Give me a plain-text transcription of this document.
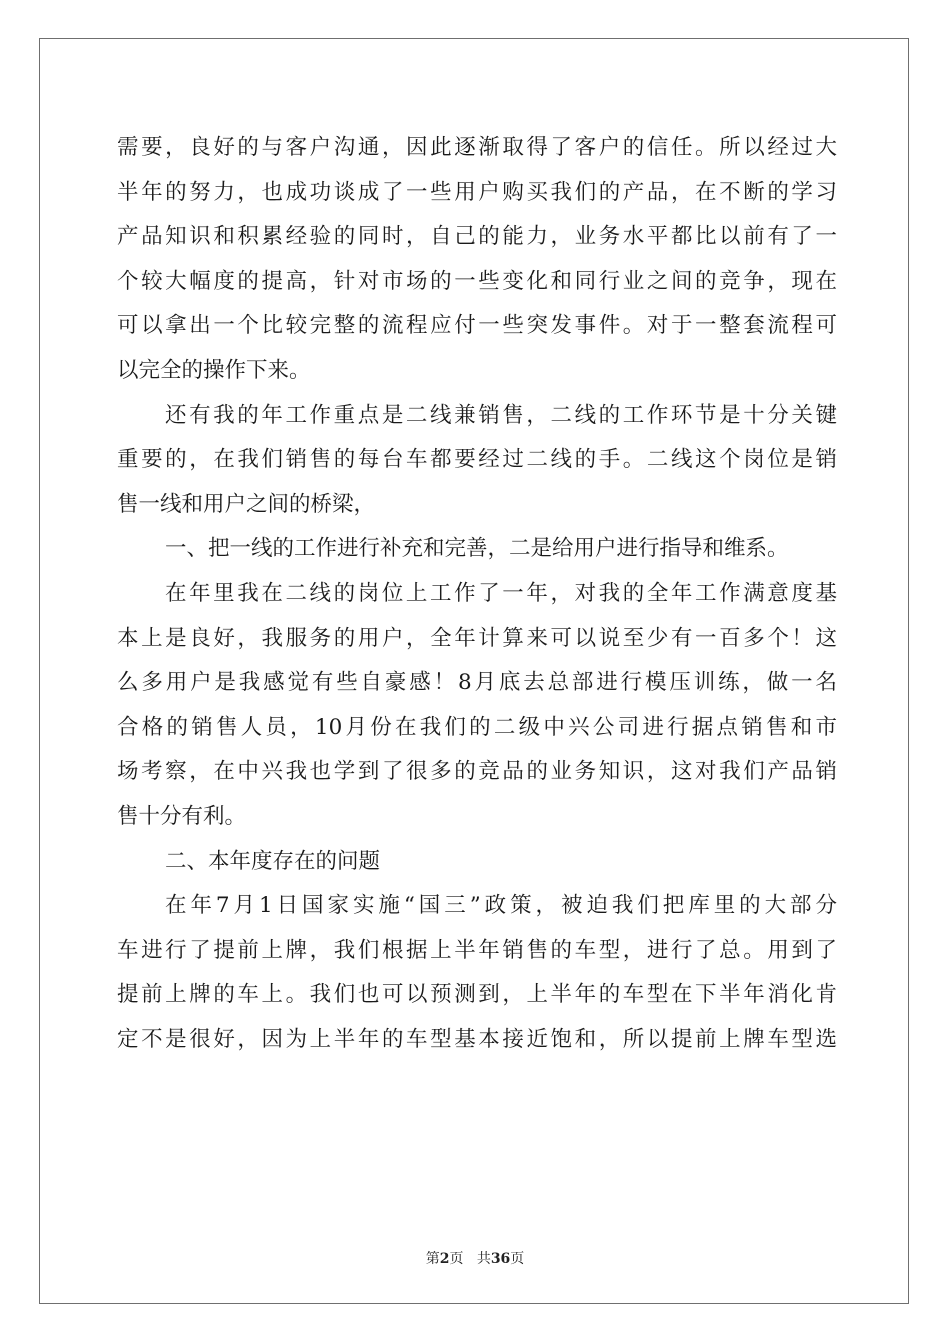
需要，良好的与客户沟通，因此逐渐取得了客户的信任。所以经过大
半年的努力，也成功谈成了一些用户购买我们的产品，在不断的学习
产品知识和积累经验的同时，自己的能力，业务水平都比以前有了一
个较大幅度的提高，针对市场的一些变化和同行业之间的竞争，现在
可以拿出一个比较完整的流程应付一些突发事件。对于一整套流程可
以完全的操作下来。
还有我的年工作重点是二线兼销售，二线的工作环节是十分关键
重要的，在我们销售的每台车都要经过二线的手。二线这个岗位是销
售一线和用户之间的桥梁，
一、把一线的工作进行补充和完善，二是给用户进行指导和维系。
在年里我在二线的岗位上工作了一年，对我的全年工作满意度基
本上是良好，我服务的用户，全年计算来可以说至少有一百多个！这
么多用户是我感觉有些自豪感！8月底去总部进行模压训练，做一名
合格的销售人员，10月份在我们的二级中兴公司进行据点销售和市
场考察，在中兴我也学到了很多的竞品的业务知识，这对我们产品销
售十分有利。
二、本年度存在的问题
在年7月1日国家实施“国三”政策，被迫我们把库里的大部分
车进行了提前上牌，我们根据上半年销售的车型，进行了总。用到了
提前上牌的车上。我们也可以预测到，上半年的车型在下半年消化肯
定不是很好，因为上半年的车型基本接近饱和，所以提前上牌车型选
第2页 共36页
